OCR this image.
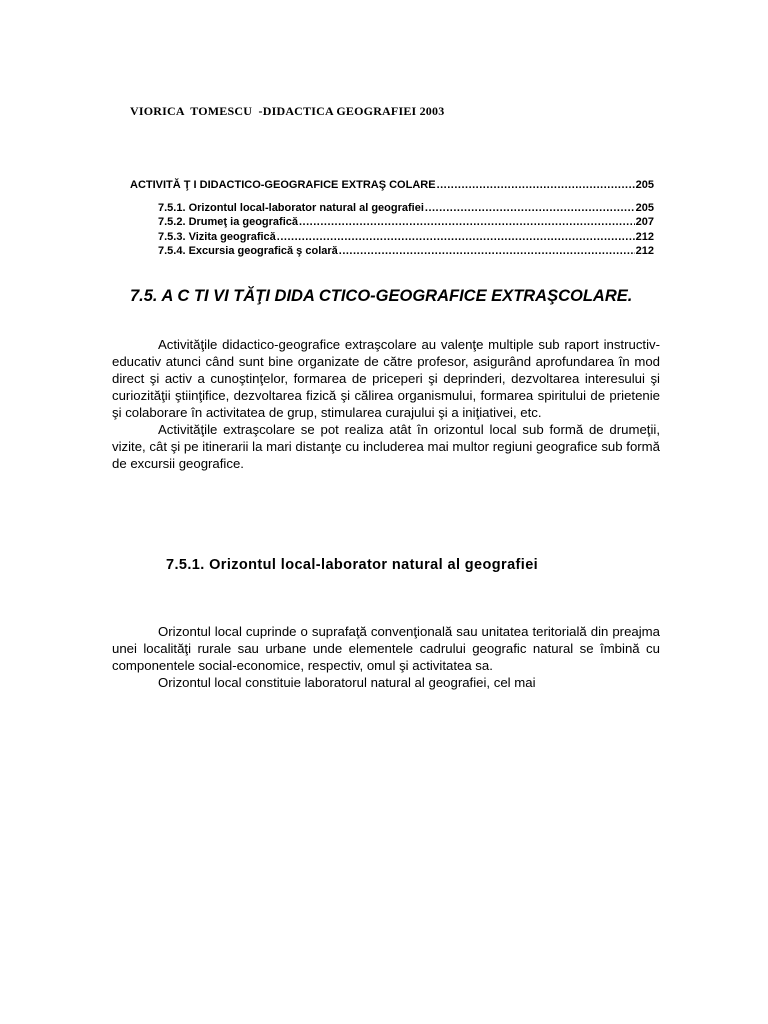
VIORICA  TOMESCU  -DIDACTICA GEOGRAFIEI 2003
ACTIVITĂ Ţ I DIDACTICO-GEOGRAFICE EXTRAŞ COLARE .....	205
7.5.1. Orizontul local-laborator natural al geografiei .....	205
7.5.2. Drumeţ ia geografică .....	207
7.5.3. Vizita geografică .....	212
7.5.4. Excursia geografică ş colară .....	212
7.5. A C TI VI TĂŢI DIDA CTICO-GEOGRAFICE EXTRAŞCOLARE.

Activităţile didactico-geografice extraşcolare au valenţe multiple sub raport instructiv-educativ atunci când sunt bine organizate de către profesor, asigurând aprofundarea în mod direct şi activ a cunoştinţelor, formarea de priceperi şi deprinderi, dezvoltarea interesului şi curiozităţii ştiinţifice, dezvoltarea fizică şi călirea organismului, formarea spiritului de prietenie şi colaborare în activitatea de grup, stimularea curajului şi a iniţiativei, etc.

Activităţile extraşcolare se pot realiza atât în orizontul local sub formă de drumeţii, vizite, cât şi pe itinerarii la mari distanţe cu includerea mai multor regiuni geografice sub formă de excursii geografice.

7.5.1. Orizontul local-laborator natural al geografiei

Orizontul local cuprinde o suprafaţă convenţională sau unitatea teritorială din preajma unei localităţi rurale sau urbane unde elementele cadrului geografic natural se îmbină cu componentele social-economice, respectiv, omul şi activitatea sa.

Orizontul local constituie laboratorul natural al geografiei, cel mai
